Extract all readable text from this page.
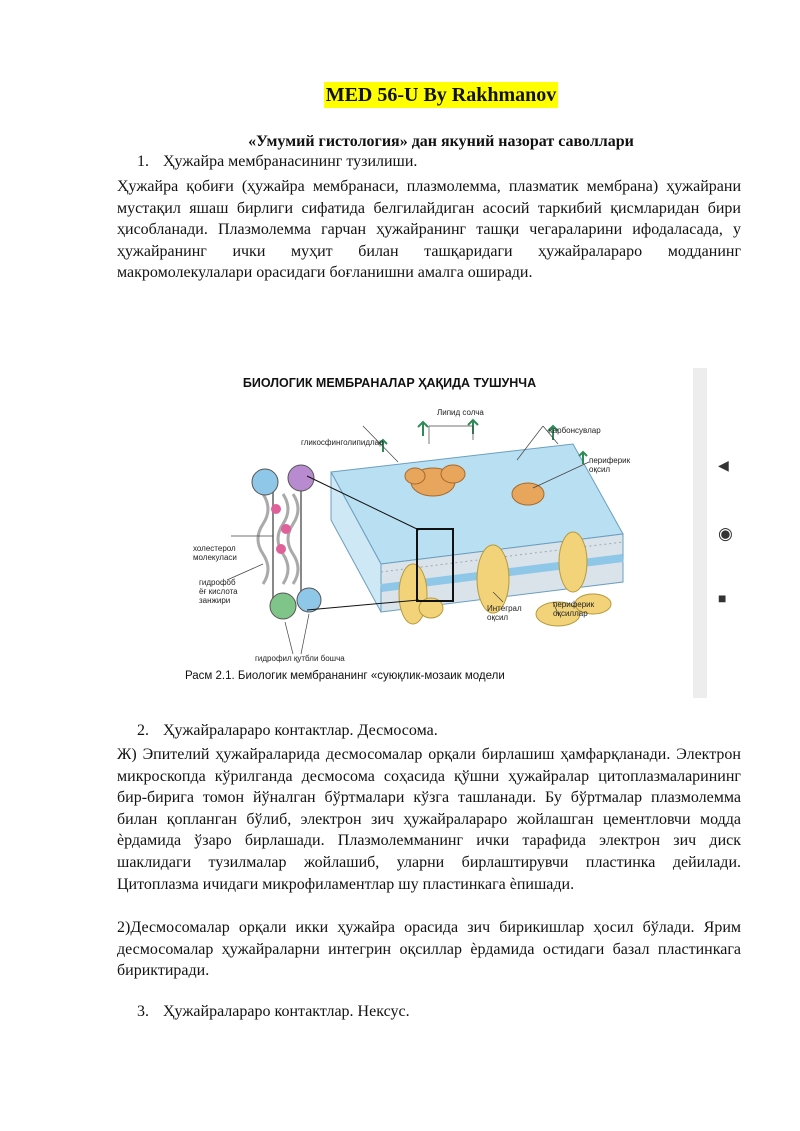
MED 56-U By Rakhmanov
«Умумий гистология» дан якуний назорат саволлари
1. Ҳужайра мембранасининг тузилиши.

Ҳужайра қобиғи (ҳужайра мембранаси, плазмолемма, плазматик мембрана) ҳужайрани мустақил яшаш бирлиги сифатида белгилайдиган асосий таркибий қисмларидан бири ҳисобланади. Плазмолемма гарчан ҳужайранинг ташқи чегараларини ифодаласада, у ҳужайранинг ички муҳит билан ташқаридаги ҳужайралараро модданинг макромолекулалари орасидаги боғланишни амалга оширади.

БИОЛОГИК МЕМБРАНАЛАР ҲАҚИДА ТУШУНЧА
Липид солча
гликосфинголипидлар
карбонсувлар
периферик
оқсил
холестерол
молекуласи
гидрофоб
ёғ кислота
занжири
Интеграл
оқсил
периферик
оқсиллар
гидрофил қутбли бошча
Расм 2.1. Биологик мембрананинг «суюқлик-мозаик модели
◀
◉
■
2. Ҳужайралараро контактлар. Десмосома.

Ж) Эпителий ҳужайраларида десмосомалар орқали бирлашиш ҳамфарқланади. Электрон микроскопда кўрилганда десмосома соҳасида қўшни ҳужайралар цитоплазмаларининг бир-бирига томон йўналган бўртмалари кўзга ташланади. Бу бўртмалар плазмолемма билан қопланган бўлиб, электрон зич ҳужайралараро жойлашган цементловчи модда ѐрдамида ўзаро бирлашади. Плазмолемманинг ички тарафида электрон зич диск шаклидаги тузилмалар жойлашиб, уларни бирлаштирувчи пластинка дейилади. Цитоплазма ичидаги микрофиламентлар шу пластинкага ѐпишади.

2)Десмосомалар орқали икки ҳужайра орасида зич бирикишлар ҳосил бўлади. Ярим десмосомалар ҳужайраларни интегрин оқсиллар ѐрдамида остидаги базал пластинкага бириктиради.

3. Ҳужайралараро контактлар. Нексус.
